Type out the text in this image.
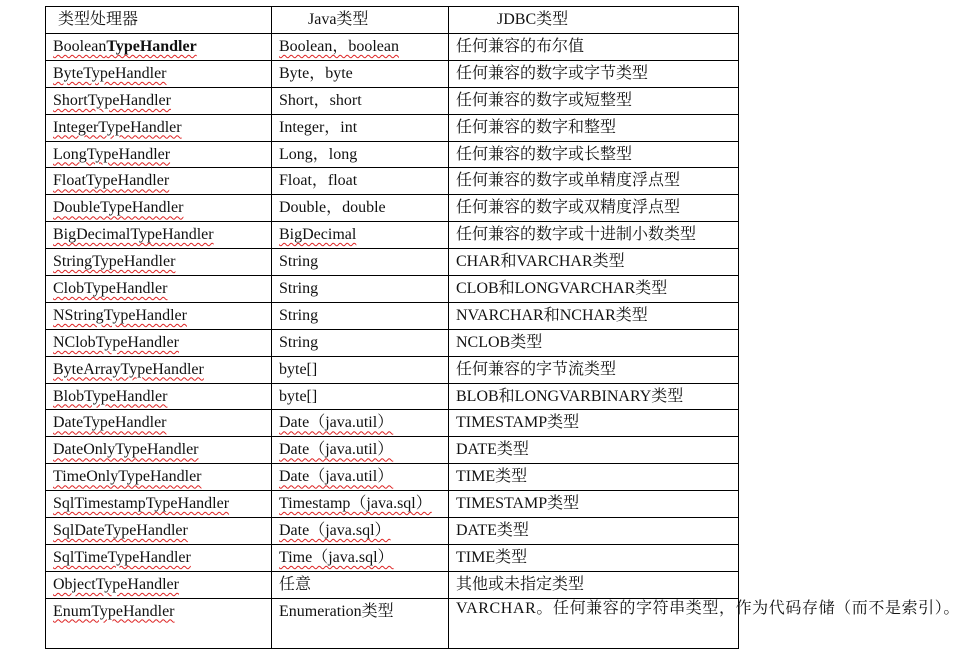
类型处理器	Java类型	JDBC类型
BooleanTypeHandler	Boolean，boolean	任何兼容的布尔值
ByteTypeHandler	Byte，byte	任何兼容的数字或字节类型
ShortTypeHandler	Short，short	任何兼容的数字或短整型
IntegerTypeHandler	Integer，int	任何兼容的数字和整型
LongTypeHandler	Long，long	任何兼容的数字或长整型
FloatTypeHandler	Float，float	任何兼容的数字或单精度浮点型
DoubleTypeHandler	Double，double	任何兼容的数字或双精度浮点型
BigDecimalTypeHandler	BigDecimal	任何兼容的数字或十进制小数类型
StringTypeHandler	String	CHAR和VARCHAR类型
ClobTypeHandler	String	CLOB和LONGVARCHAR类型
NStringTypeHandler	String	NVARCHAR和NCHAR类型
NClobTypeHandler	String	NCLOB类型
ByteArrayTypeHandler	byte[]	任何兼容的字节流类型
BlobTypeHandler	byte[]	BLOB和LONGVARBINARY类型
DateTypeHandler	Date（java.util）	TIMESTAMP类型
DateOnlyTypeHandler	Date（java.util）	DATE类型
TimeOnlyTypeHandler	Date（java.util）	TIME类型
SqlTimestampTypeHandler	Timestamp（java.sql）	TIMESTAMP类型
SqlDateTypeHandler	Date（java.sql）	DATE类型
SqlTimeTypeHandler	Time（java.sql）	TIME类型
ObjectTypeHandler	任意	其他或未指定类型
EnumTypeHandler	Enumeration类型	VARCHAR。任何兼容的字符串类型，作为代码存储（而不是索引）。
